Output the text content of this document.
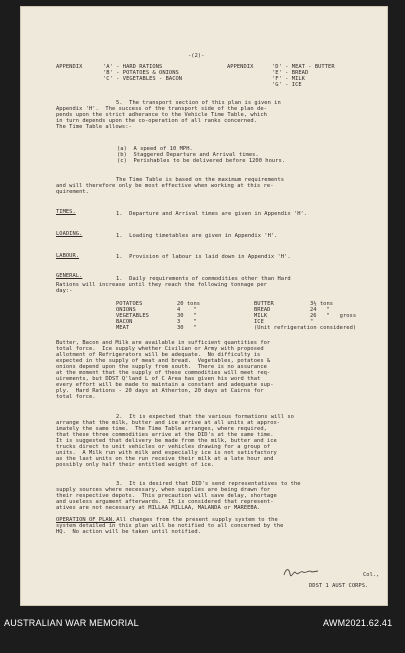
-(2)-
APPENDIX	'A' - HARD RATIONS
'B' - POTATOES & ONIONS
'C' - VEGETABLES - BACON
APPENDIX	'D' - MEAT - BUTTER
'E' - BREAD
'F' - MILK
'G' - ICE
5.  The transport section of this plan is given in
Appendix 'H'.  The success of the transport side of the plan de-
pends upon the strict adherance to the Vehicle Time Table, which
in turn depends upon the co-operation of all ranks concerned.
The Time Table allows:-
(a)  A speed of 10 MPH.
(b)  Staggered Departure and Arrival times.
(c)  Perishables to be delivered before 1200 hours.
The Time Table is based on the maximum requirements
and will therefore only be most effective when working at this re-
quirement.
TIMES.	1.  Departure and Arrival times are given in Appendix 'H'.
LOADING.	1.  Loading timetables are given in Appendix 'H'.
LABOUR.	1.  Provision of labour is laid down in Appendix 'H'.
GENERAL.	1.  Daily requirements of commodities other than Hard
Rations will increase until they reach the following tonnage per
day:-
POTATOES	20 tons
ONIONS	4    "
VEGETABLES	30   "
BACON	3    "
MEAT	30   "
BUTTER	3½ tons
BREAD	24   "
MILK	26   "   gross
ICE	"
(Unit refrigeration considered)
Butter, Bacon and Milk are available in sufficient quantities for
total force.  Ice supply whether Civilian or Army with proposed
allotment of Refrigerators will be adequate.  No difficulty is
expected in the supply of meat and bread.  Vegetables, potatoes &
onions depend upon the supply from south.  There is no assurance
at the moment that the supply of these commodities will meet req-
uirements, but DDST Q'land L of C Area has given his word that
every effort will be made to maintain a constant and adequate sup-
ply.  Hard Rations - 20 days at Atherton, 20 days at Cairns for
total force.
2.  It is expected that the various formations will so
arrange that the milk, butter and ice arrive at all units at approx-
imately the same time.  The Time Table arranges, where required,
that these three commodities arrive at the DID's at the same time.
It is suggested that delivery be made from the milk, butter and ice
trucks direct to unit vehicles or vehicles drawing for a group of
units.  A Milk run with milk and especially ice is not satisfactory
as the last units on the run receive their milk at a late hour and
possibly only half their entitled weight of ice.
3.  It is desired that DID's send representatives to the
supply sources where necessary, when supplies are being drawn for
their respective depots.  This precaution will save delay, shortage
and useless argument afterwards.  It is considered that represent-
atives are not necessary at MILLAA MILLAA, MALANDA or MAREEBA.
OPERATION OF PLAN.
All changes from the present supply system to the
system detailed in this plan will be notified to all concerned by the
HQ.  No action will be taken until notified.
Col.,
DDST 1 AUST CORPS.
AUSTRALIAN WAR MEMORIAL	AWM2021.62.41
